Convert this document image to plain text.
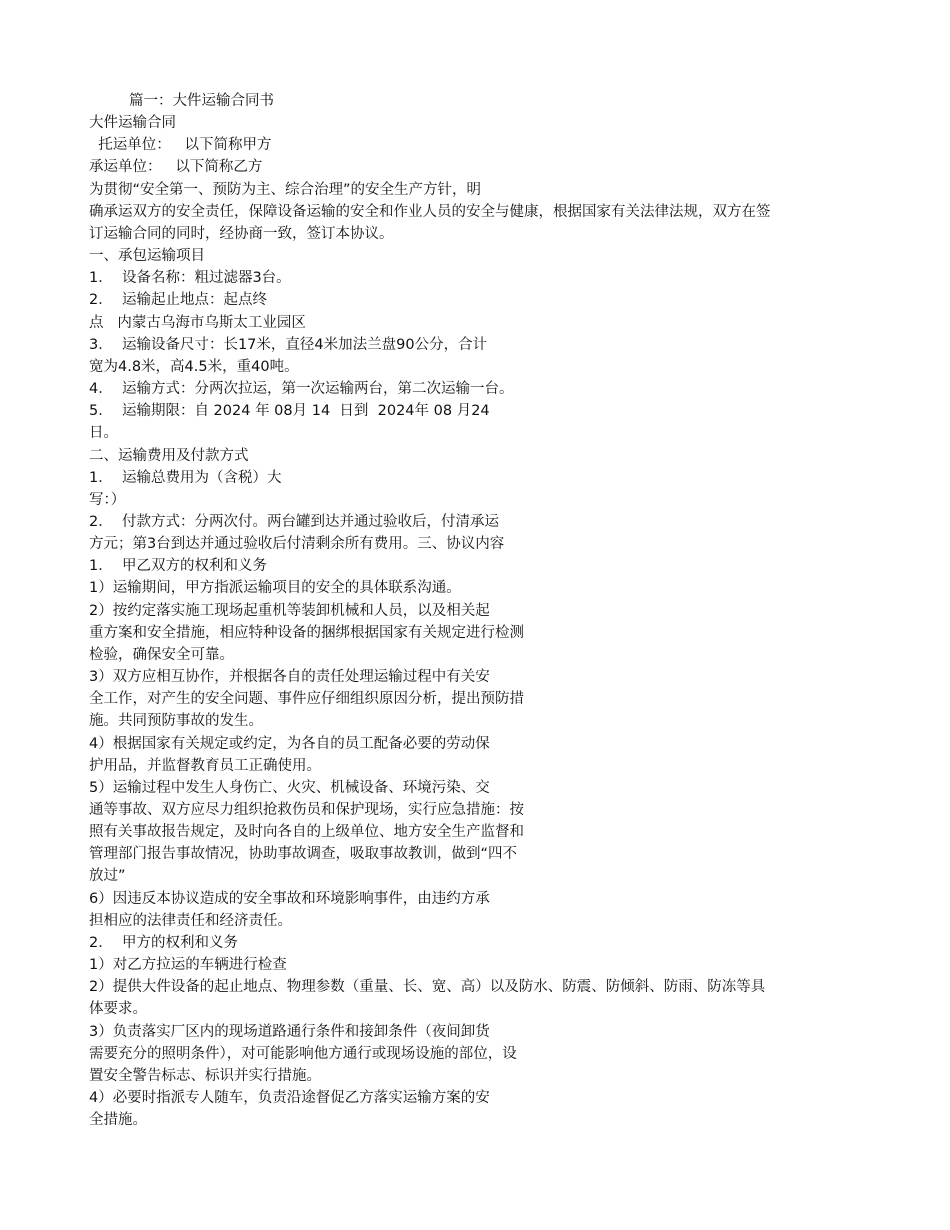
篇一：大件运输合同书
大件运输合同
托运单位：   以下简称甲方
承运单位：   以下简称乙方
为贯彻“安全第一、预防为主、综合治理”的安全生产方针，明
确承运双方的安全责任，保障设备运输的安全和作业人员的安全与健康，根据国家有关法律法规，双方在签
订运输合同的同时，经协商一致，签订本协议。
一、承包运输项目
1．  设备名称：粗过滤器3台。
2．  运输起止地点：起点终
点   内蒙古乌海市乌斯太工业园区
3．  运输设备尺寸：长17米，直径4米加法兰盘90公分，合计
宽为4.8米，高4.5米，重40吨。
4．  运输方式：分两次拉运，第一次运输两台，第二次运输一台。
5．  运输期限：自 2024 年 08月 14  日到  2024年 08 月24
日。
二、运输费用及付款方式
1．  运输总费用为（含税）大
写：）
2．  付款方式：分两次付。两台罐到达并通过验收后，付清承运
方元；第3台到达并通过验收后付清剩余所有费用。三、协议内容
1．  甲乙双方的权利和义务
1）运输期间，甲方指派运输项目的安全的具体联系沟通。
2）按约定落实施工现场起重机等装卸机械和人员，以及相关起
重方案和安全措施，相应特种设备的捆绑根据国家有关规定进行检测
检验，确保安全可靠。
3）双方应相互协作，并根据各自的责任处理运输过程中有关安
全工作，对产生的安全问题、事件应仔细组织原因分析，提出预防措
施。共同预防事故的发生。
4）根据国家有关规定或约定，为各自的员工配备必要的劳动保
护用品，并监督教育员工正确使用。
5）运输过程中发生人身伤亡、火灾、机械设备、环境污染、交
通等事故、双方应尽力组织抢救伤员和保护现场，实行应急措施：按
照有关事故报告规定，及时向各自的上级单位、地方安全生产监督和
管理部门报告事故情况，协助事故调查，吸取事故教训，做到“四不
放过”
6）因违反本协议造成的安全事故和环境影响事件，由违约方承
担相应的法律责任和经济责任。
2．  甲方的权利和义务
1）对乙方拉运的车辆进行检查
2）提供大件设备的起止地点、物理参数（重量、长、宽、高）以及防水、防震、防倾斜、防雨、防冻等具
体要求。
3）负责落实厂区内的现场道路通行条件和接卸条件（夜间卸货
需要充分的照明条件），对可能影响他方通行或现场设施的部位，设
置安全警告标志、标识并实行措施。
4）必要时指派专人随车，负责沿途督促乙方落实运输方案的安
全措施。
